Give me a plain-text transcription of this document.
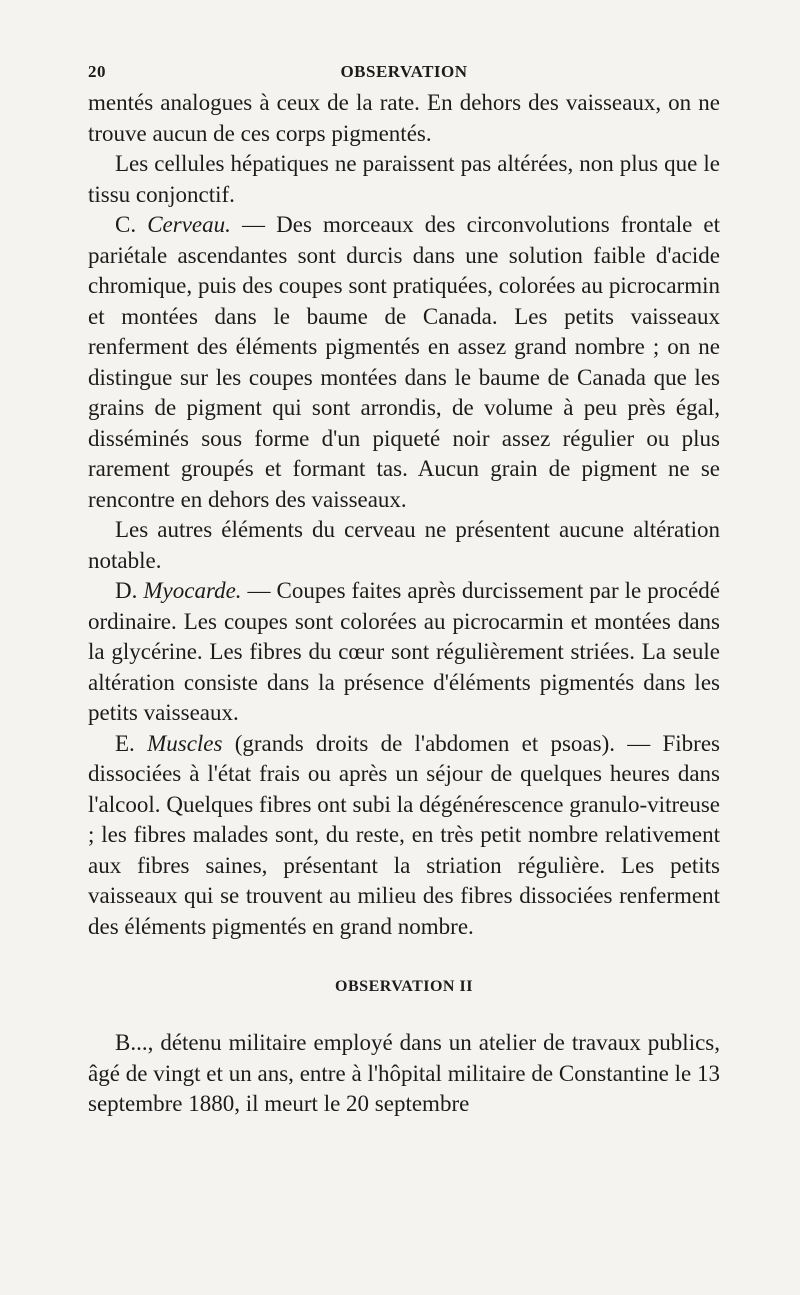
20	OBSERVATION

mentés analogues à ceux de la rate. En dehors des vaisseaux, on ne trouve aucun de ces corps pigmentés.

Les cellules hépatiques ne paraissent pas altérées, non plus que le tissu conjonctif.

C. Cerveau. — Des morceaux des circonvolutions frontale et pariétale ascendantes sont durcis dans une solution faible d'acide chromique, puis des coupes sont pratiquées, colorées au picrocarmin et montées dans le baume de Canada. Les petits vaisseaux renferment des éléments pigmentés en assez grand nombre ; on ne distingue sur les coupes montées dans le baume de Canada que les grains de pigment qui sont arrondis, de volume à peu près égal, disséminés sous forme d'un piqueté noir assez régulier ou plus rarement groupés et formant tas. Aucun grain de pigment ne se rencontre en dehors des vaisseaux.

Les autres éléments du cerveau ne présentent aucune altération notable.

D. Myocarde. — Coupes faites après durcissement par le procédé ordinaire. Les coupes sont colorées au picrocarmin et montées dans la glycérine. Les fibres du cœur sont régulièrement striées. La seule altération consiste dans la présence d'éléments pigmentés dans les petits vaisseaux.

E. Muscles (grands droits de l'abdomen et psoas). — Fibres dissociées à l'état frais ou après un séjour de quelques heures dans l'alcool. Quelques fibres ont subi la dégénérescence granulo-vitreuse ; les fibres malades sont, du reste, en très petit nombre relativement aux fibres saines, présentant la striation régulière. Les petits vaisseaux qui se trouvent au milieu des fibres dissociées renferment des éléments pigmentés en grand nombre.

OBSERVATION II

B..., détenu militaire employé dans un atelier de travaux publics, âgé de vingt et un ans, entre à l'hôpital militaire de Constantine le 13 septembre 1880, il meurt le 20 septembre
